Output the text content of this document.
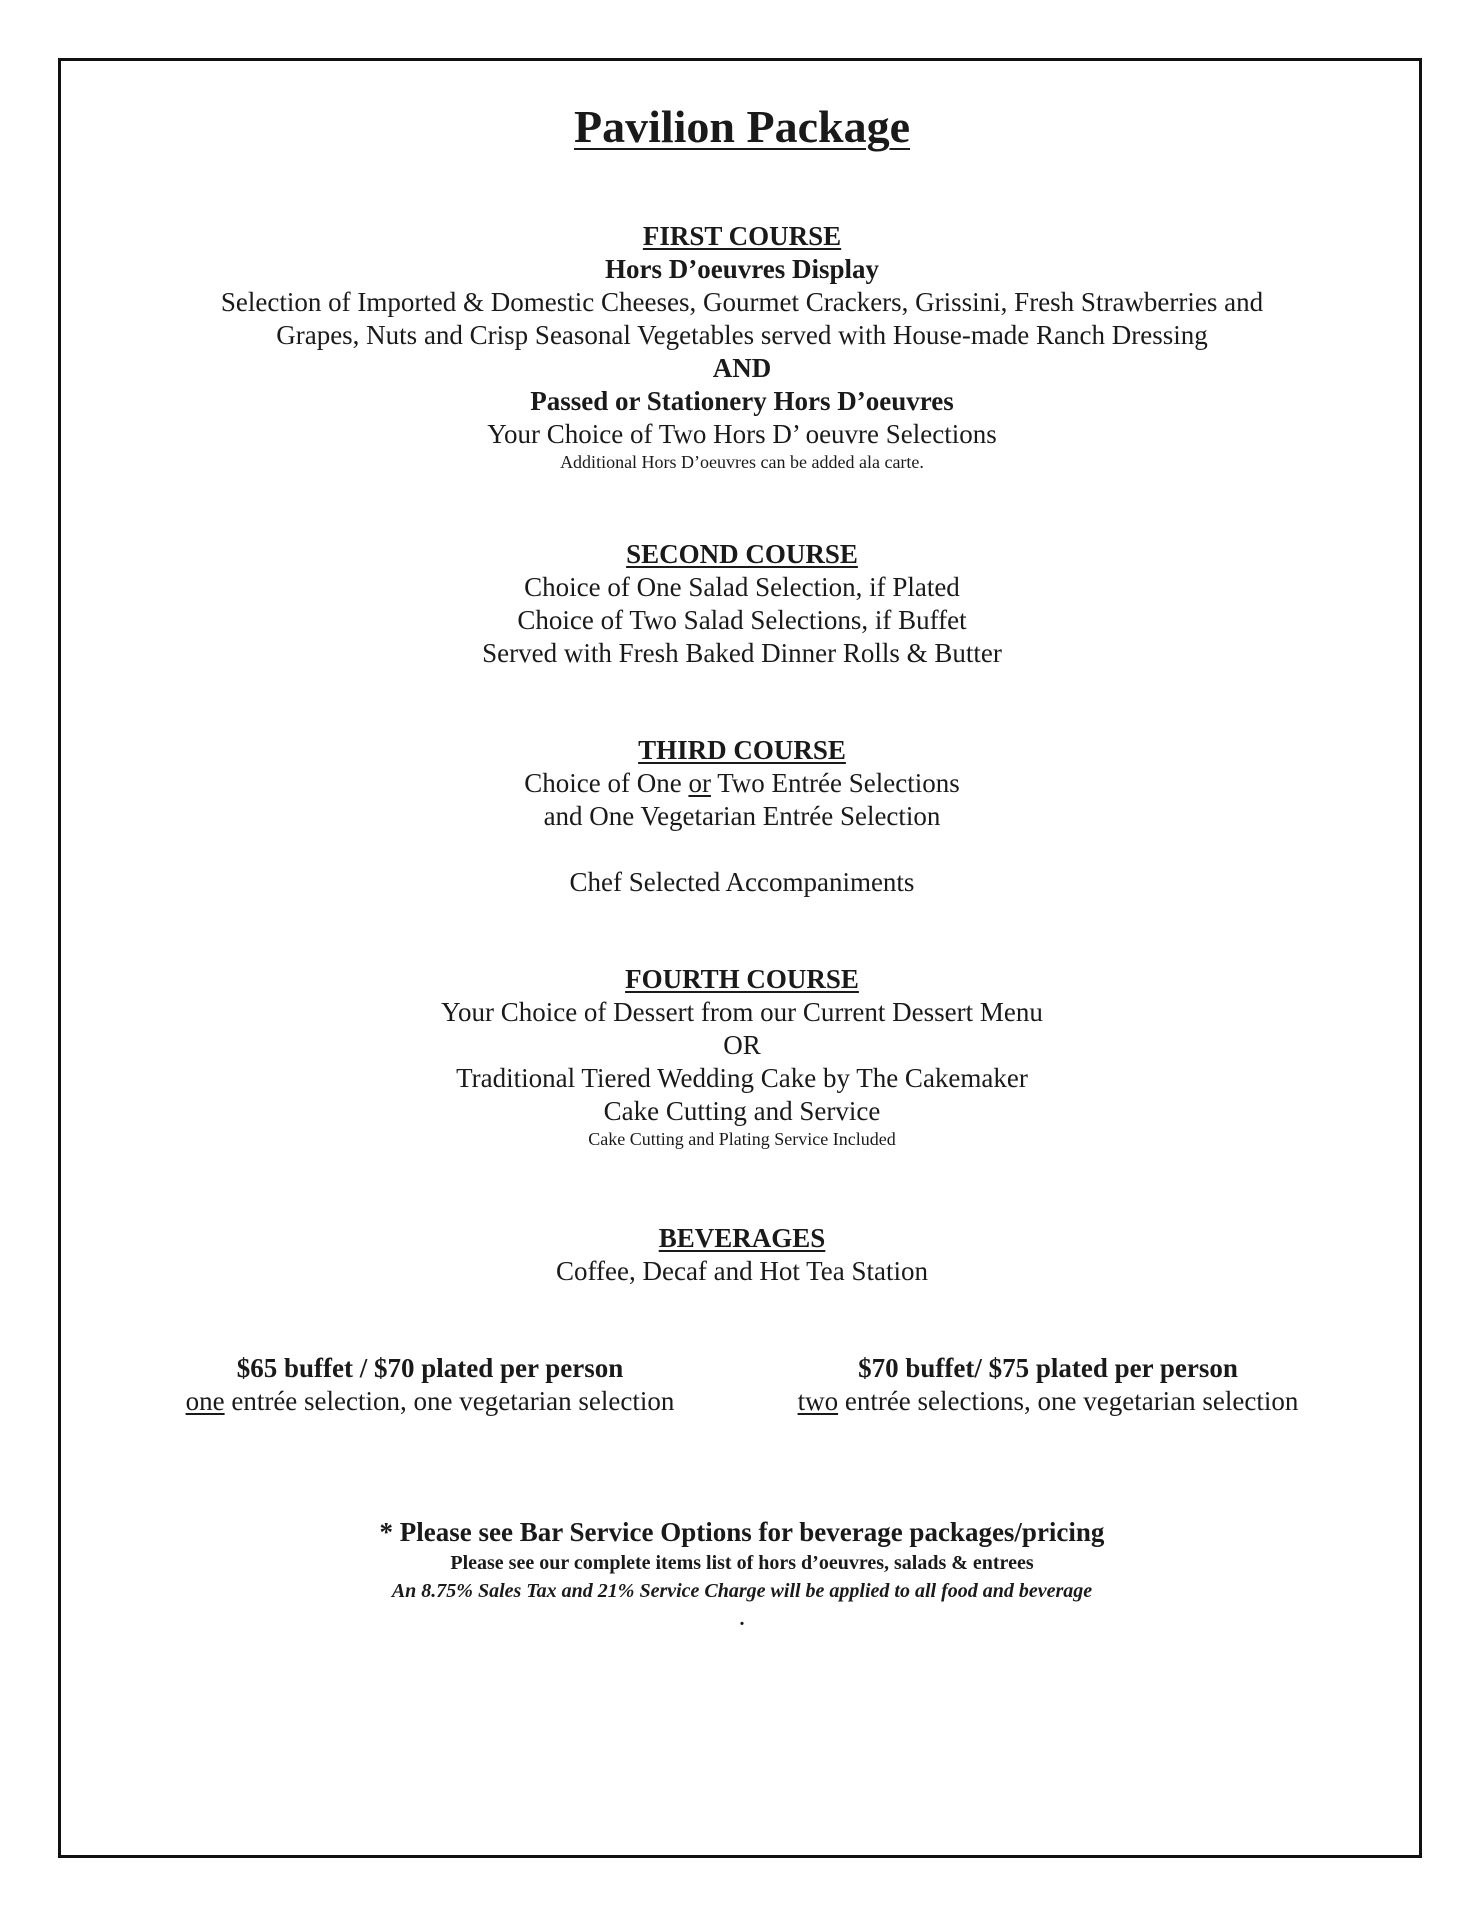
Pavilion Package
FIRST COURSE
Hors D’oeuvres Display
Selection of Imported & Domestic Cheeses, Gourmet Crackers, Grissini, Fresh Strawberries and
Grapes, Nuts and Crisp Seasonal Vegetables served with House-made Ranch Dressing
AND
Passed or Stationery Hors D’oeuvres
Your Choice of Two Hors D’ oeuvre Selections
Additional Hors D’oeuvres can be added ala carte.
SECOND COURSE
Choice of One Salad Selection, if Plated
Choice of Two Salad Selections, if Buffet
Served with Fresh Baked Dinner Rolls & Butter
THIRD COURSE
Choice of One or Two Entrée Selections
and One Vegetarian Entrée Selection
Chef Selected Accompaniments
FOURTH COURSE
Your Choice of Dessert from our Current Dessert Menu
OR
Traditional Tiered Wedding Cake by The Cakemaker
Cake Cutting and Service
Cake Cutting and Plating Service Included
BEVERAGES
Coffee, Decaf and Hot Tea Station
$65 buffet / $70 plated per person
one entrée selection, one vegetarian selection
$70 buffet/ $75 plated per person
two entrée selections, one vegetarian selection
* Please see Bar Service Options for beverage packages/pricing
Please see our complete items list of hors d’oeuvres, salads & entrees
An 8.75% Sales Tax and 21% Service Charge will be applied to all food and beverage
.
